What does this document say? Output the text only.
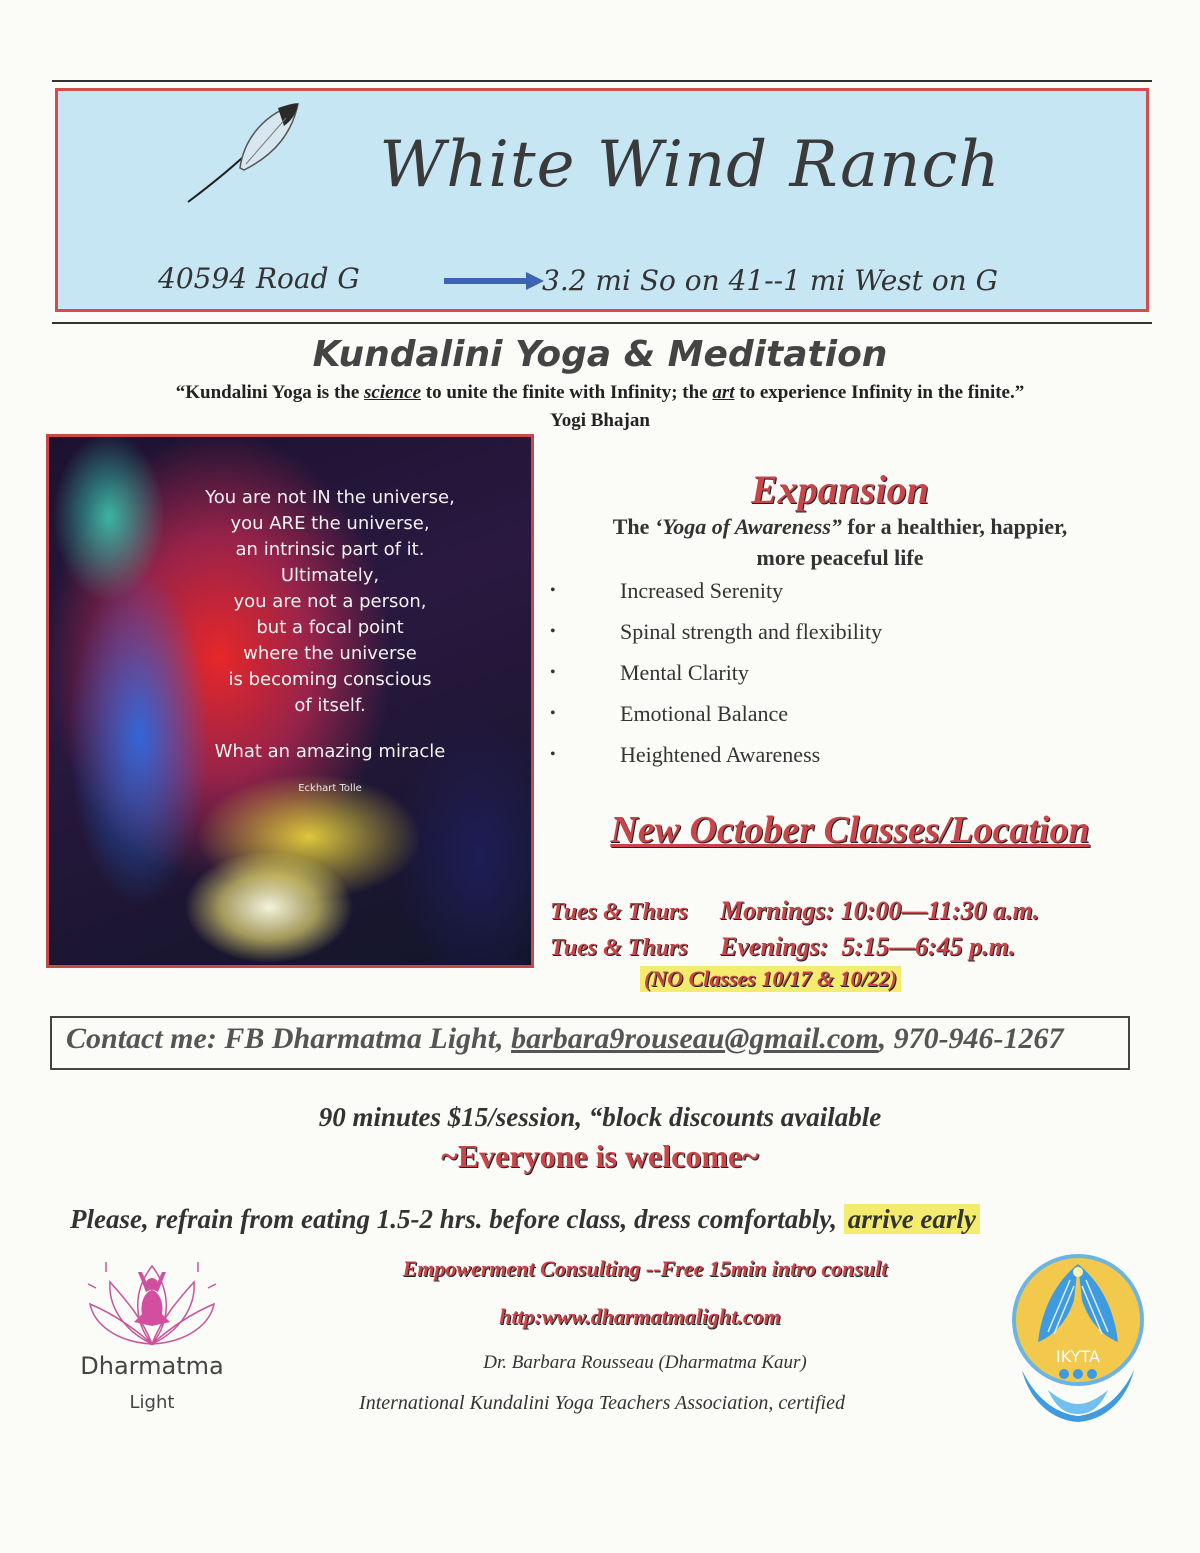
White Wind Ranch
40594 Road G	3.2 mi So on 41--1 mi West on G
Kundalini Yoga & Meditation
“Kundalini Yoga is the science to unite the finite with Infinity; the art to experience Infinity in the finite.”
Yogi Bhajan
You are not IN the universe,
you ARE the universe,
an intrinsic part of it.
Ultimately,
you are not a person,
but a focal point
where the universe
is becoming conscious
of itself.
What an amazing miracle
Eckhart Tolle
Expansion
The ‘Yoga of Awareness” for a healthier, happier,
more peaceful life
•	Increased Serenity
•	Spinal strength and flexibility
•	Mental Clarity
•	Emotional Balance
•	Heightened Awareness
New October Classes/Location
Tues & Thurs Mornings: 10:00—11:30 a.m.
Tues & Thurs Evenings:  5:15—6:45 p.m.
(NO Classes 10/17 & 10/22)
Contact me: FB Dharmatma Light, barbara9rouseau@gmail.com, 970-946-1267
90 minutes $15/session, “block discounts available
~Everyone is welcome~
Please, refrain from eating 1.5-2 hrs. before class, dress comfortably, arrive early
Empowerment Consulting --Free 15min intro consult
http:www.dharmatmalight.com
Dr. Barbara Rousseau (Dharmatma Kaur)
International Kundalini Yoga Teachers Association, certified
Dharmatma
Light
IKYTA
